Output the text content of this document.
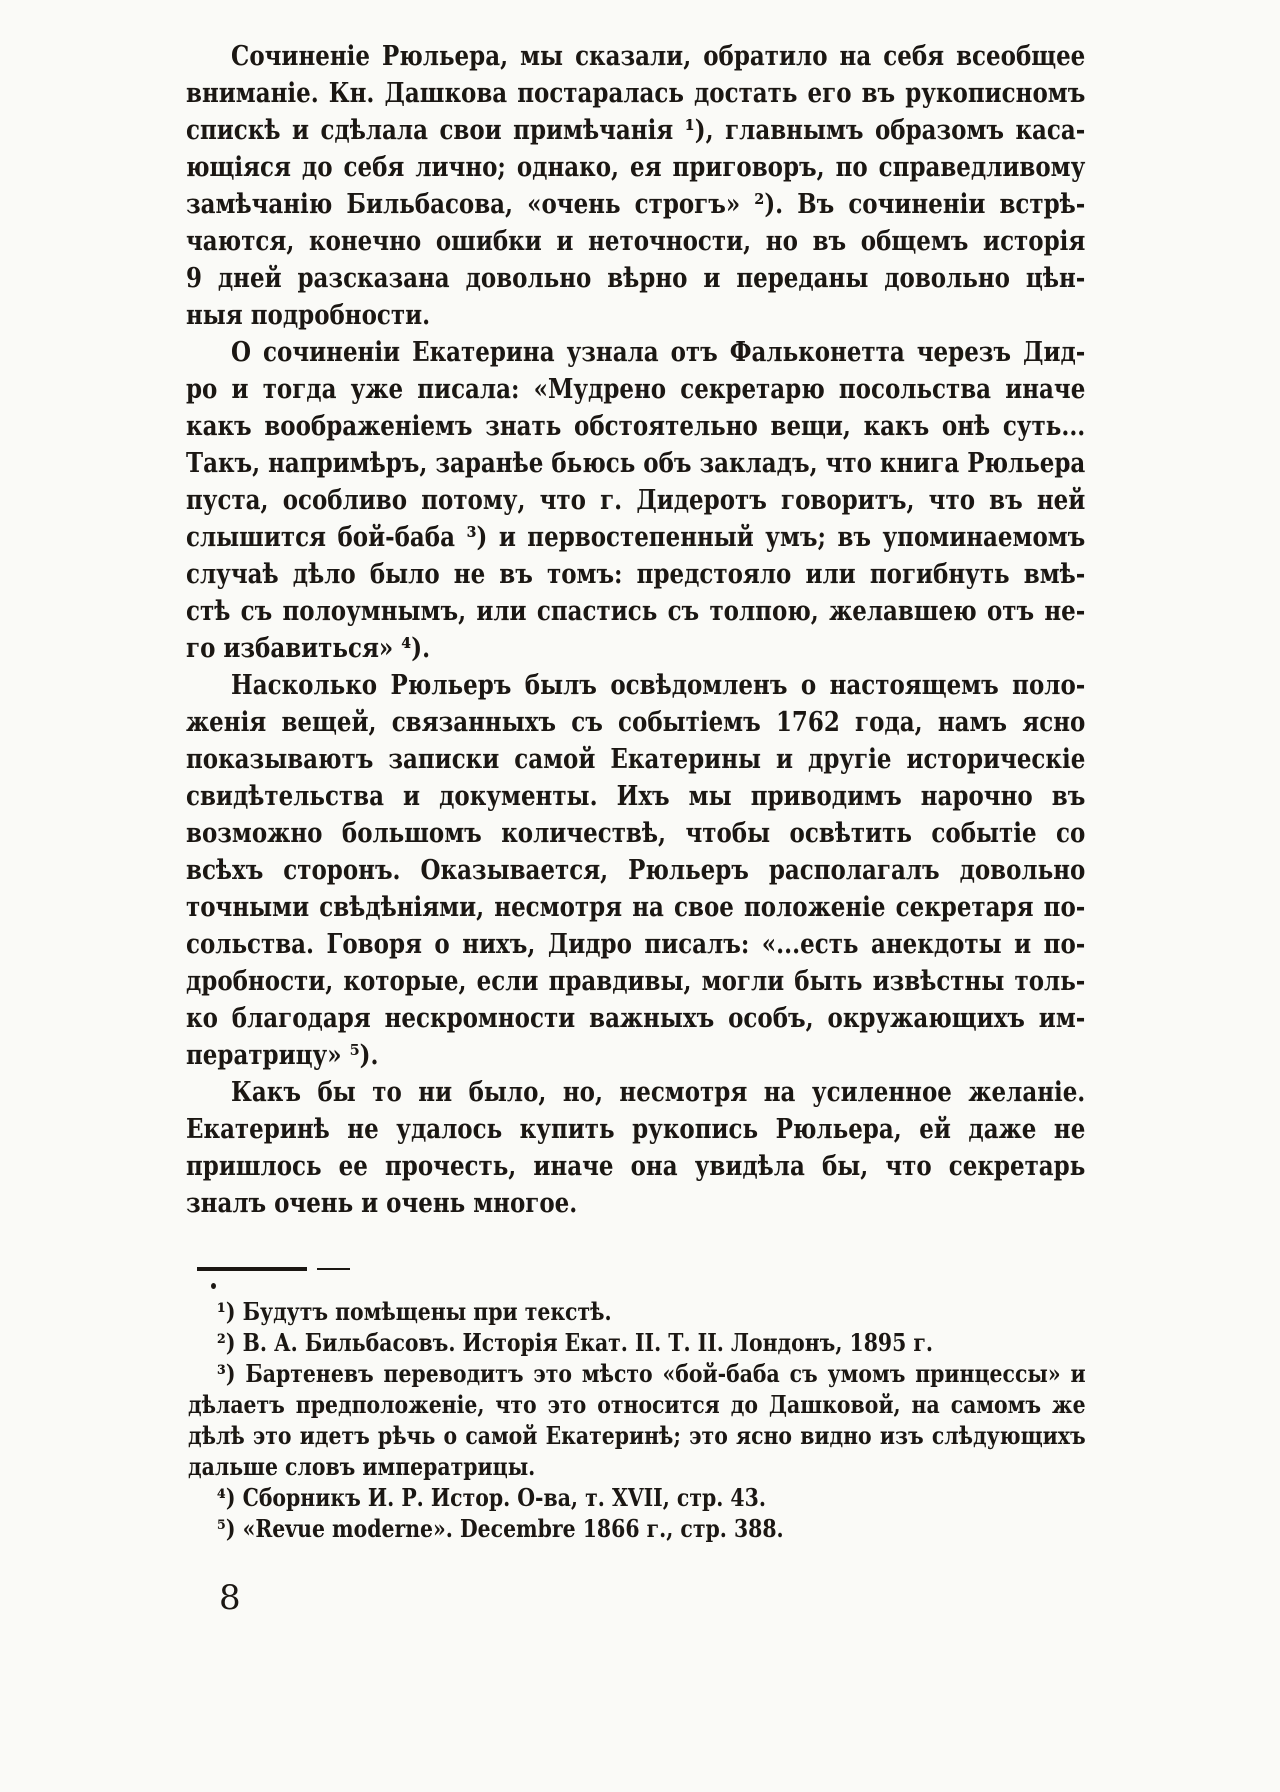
Сочиненіе Рюльера, мы сказали, обратило на себя всеобщее
вниманіе. Кн. Дашкова постаралась достать его въ рукописномъ
спискѣ и сдѣлала свои примѣчанія ¹), главнымъ образомъ каса-
ющіяся до себя лично; однако, ея приговоръ, по справедливому
замѣчанію Бильбасова, «очень строгъ» ²). Въ сочиненіи встрѣ-
чаются, конечно ошибки и неточности, но въ общемъ исторія
9 дней разсказана довольно вѣрно и переданы довольно цѣн-
ныя подробности.
О сочиненіи Екатерина узнала отъ Фальконетта черезъ Дид-
ро и тогда уже писала: «Мудрено секретарю посольства иначе
какъ воображеніемъ знать обстоятельно вещи, какъ онѣ суть...
Такъ, напримѣръ, заранѣе бьюсь объ закладъ, что книга Рюльера
пуста, особливо потому, что г. Дидеротъ говоритъ, что въ ней
слышится бой-баба ³) и первостепенный умъ; въ упоминаемомъ
случаѣ дѣло было не въ томъ: предстояло или погибнуть вмѣ-
стѣ съ полоумнымъ, или спастись съ толпою, желавшею отъ не-
го избавиться» ⁴).
Насколько Рюльеръ былъ освѣдомленъ о настоящемъ поло-
женія вещей, связанныхъ съ событіемъ 1762 года, намъ ясно
показываютъ записки самой Екатерины и другіе историческіе
свидѣтельства и документы. Ихъ мы приводимъ нарочно въ
возможно большомъ количествѣ, чтобы освѣтить событіе со
всѣхъ сторонъ. Оказывается, Рюльеръ располагалъ довольно
точными свѣдѣніями, несмотря на свое положеніе секретаря по-
сольства. Говоря о нихъ, Дидро писалъ: «...есть анекдоты и по-
дробности, которые, если правдивы, могли быть извѣстны толь-
ко благодаря нескромности важныхъ особъ, окружающихъ им-
ператрицу» ⁵).
Какъ бы то ни было, но, несмотря на усиленное желаніе.
Екатеринѣ не удалось купить рукопись Рюльера, ей даже не
пришлось ее прочесть, иначе она увидѣла бы, что секретарь
зналъ очень и очень многое.

¹) Будутъ помѣщены при текстѣ.
²) В. А. Бильбасовъ. Исторія Екат. II. Т. II. Лондонъ, 1895 г.
³) Бартеневъ переводитъ это мѣсто «бой-баба съ умомъ принцессы» и
дѣлаетъ предположеніе, что это относится до Дашковой, на самомъ же
дѣлѣ это идетъ рѣчь о самой Екатеринѣ; это ясно видно изъ слѣдующихъ
дальше словъ императрицы.
⁴) Сборникъ И. Р. Истор. О-ва, т. XVII, стр. 43.
⁵) «Revue moderne». Decembre 1866 г., стр. 388.
8
